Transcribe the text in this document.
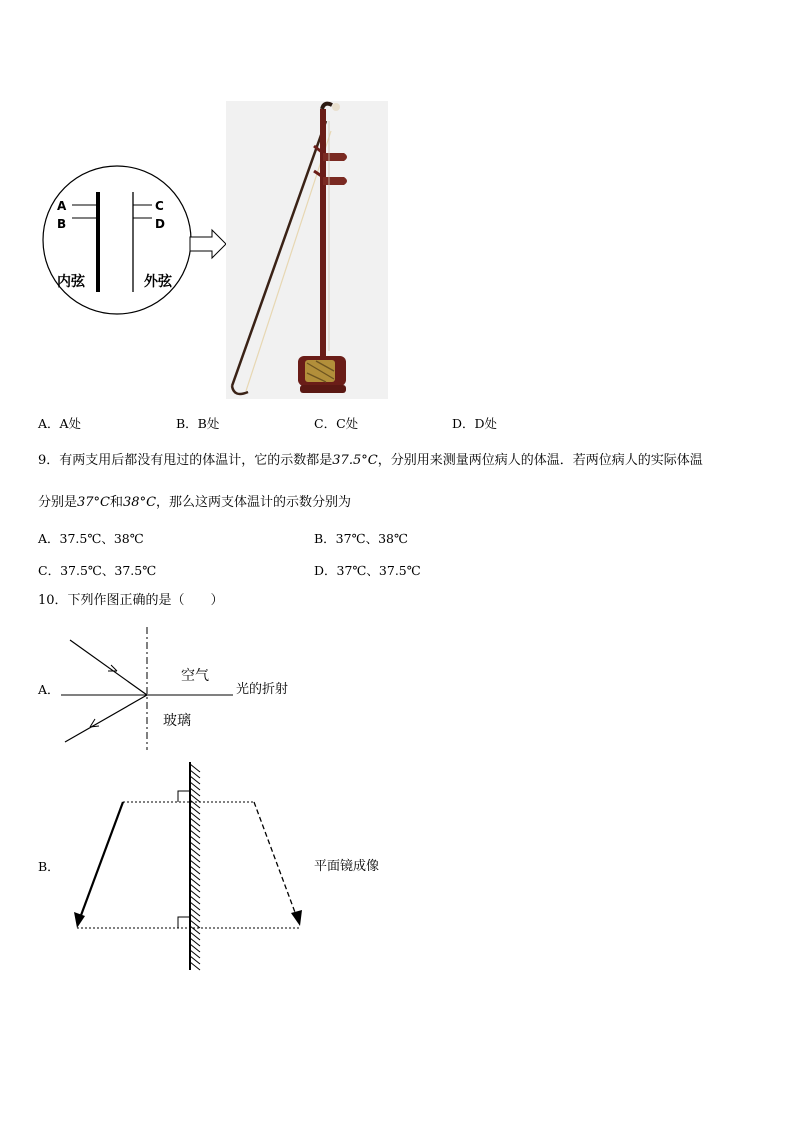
A
B
C
D
内弦	外弦
A．A处	B．B处	C．C处	D．D处
9．有两支用后都没有甩过的体温计，它的示数都是37.5°C，分别用来测量两位病人的体温．若两位病人的实际体温
分别是37°C和38°C，那么这两支体温计的示数分别为
A．37.5℃、38℃	B．37℃、38℃
C．37.5℃、37.5℃	D．37℃、37.5℃
10．下列作图正确的是（　　）
A．
空气
玻璃
光的折射
B．	平面镜成像
